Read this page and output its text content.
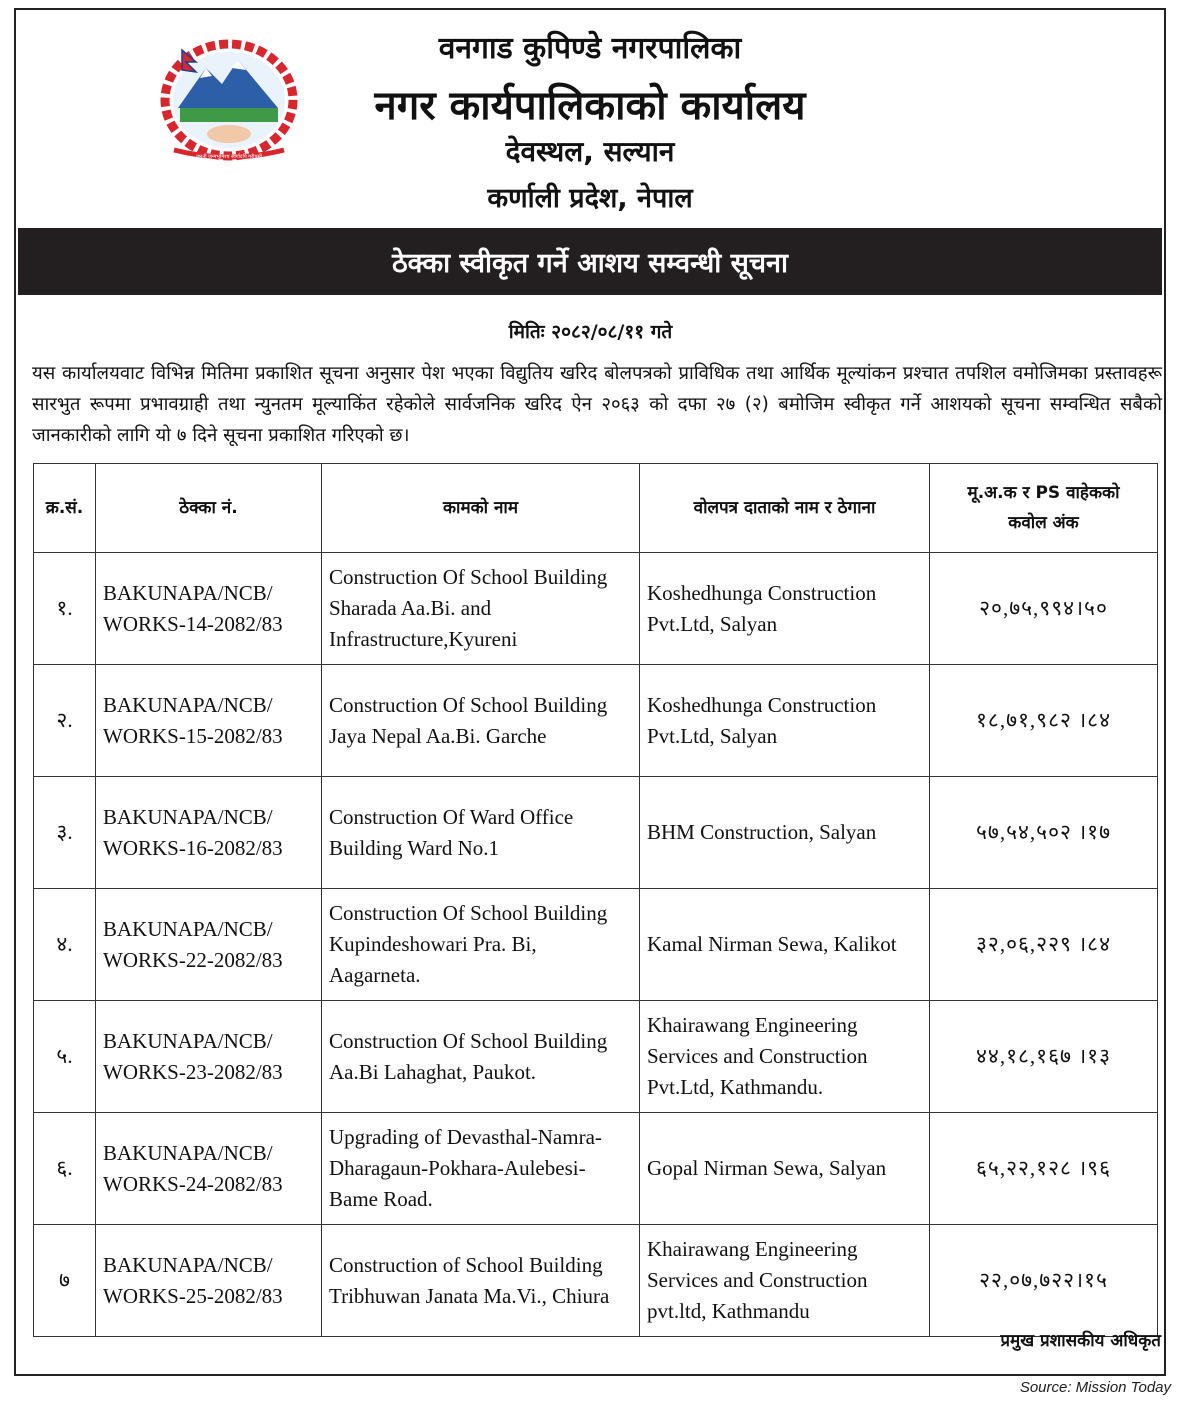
जननी जन्मभूमिश्च स्वर्गादपि गरीयसी
वनगाड कुपिण्डे नगरपालिका
नगर कार्यपालिकाको कार्यालय
देवस्थल, सल्यान
कर्णाली प्रदेश, नेपाल
ठेक्का स्वीकृत गर्ने आशय सम्वन्धी सूचना
मितिः २०८२/०८/११ गते
यस कार्यालयवाट विभिन्न मितिमा प्रकाशित सूचना अनुसार पेश भएका विद्युतिय खरिद बोलपत्रको प्राविधिक तथा आर्थिक मूल्यांकन प्रश्चात तपशिल वमोजिमका प्रस्तावहरू सारभुत रूपमा प्रभावग्राही तथा न्युनतम मूल्याकिंत रहेकोले सार्वजनिक खरिद ऐन २०६३ को दफा २७ (२) बमोजिम स्वीकृत गर्ने आशयको सूचना सम्वन्धित सबैको जानकारीको लागि यो ७ दिने सूचना प्रकाशित गरिएको छ।
क्र.सं.	ठेक्का नं.	कामको नाम	वोलपत्र दाताको नाम र ठेगाना	मू.अ.क र PS वाहेकको कवोल अंक
१.	BAKUNAPA/NCB/ WORKS-14-2082/83	Construction Of School Building Sharada Aa.Bi. and Infrastructure,Kyureni	Koshedhunga Construction Pvt.Ltd, Salyan	२०,७५,९९४।५०
२.	BAKUNAPA/NCB/ WORKS-15-2082/83	Construction Of School Building Jaya Nepal Aa.Bi. Garche	Koshedhunga Construction Pvt.Ltd, Salyan	१८,७१,९८२ ।८४
३.	BAKUNAPA/NCB/ WORKS-16-2082/83	Construction Of Ward Office Building Ward No.1	BHM Construction, Salyan	५७,५४,५०२ ।१७
४.	BAKUNAPA/NCB/ WORKS-22-2082/83	Construction Of School Building Kupindeshowari Pra. Bi, Aagarneta.	Kamal Nirman Sewa, Kalikot	३२,०६,२२९ ।८४
५.	BAKUNAPA/NCB/ WORKS-23-2082/83	Construction Of School Building Aa.Bi Lahaghat, Paukot.	Khairawang Engineering Services and Construction Pvt.Ltd, Kathmandu.	४४,१८,१६७ ।१३
६.	BAKUNAPA/NCB/ WORKS-24-2082/83	Upgrading of Devasthal-Namra-Dharagaun-Pokhara-Aulebesi-Bame Road.	Gopal Nirman Sewa, Salyan	६५,२२,१२८ ।९६
७	BAKUNAPA/NCB/ WORKS-25-2082/83	Construction of School Building Tribhuwan Janata Ma.Vi., Chiura	Khairawang Engineering Services and Construction pvt.ltd, Kathmandu	२२,०७,७२२।१५
प्रमुख प्रशासकीय अधिकृत
Source: Mission Today
